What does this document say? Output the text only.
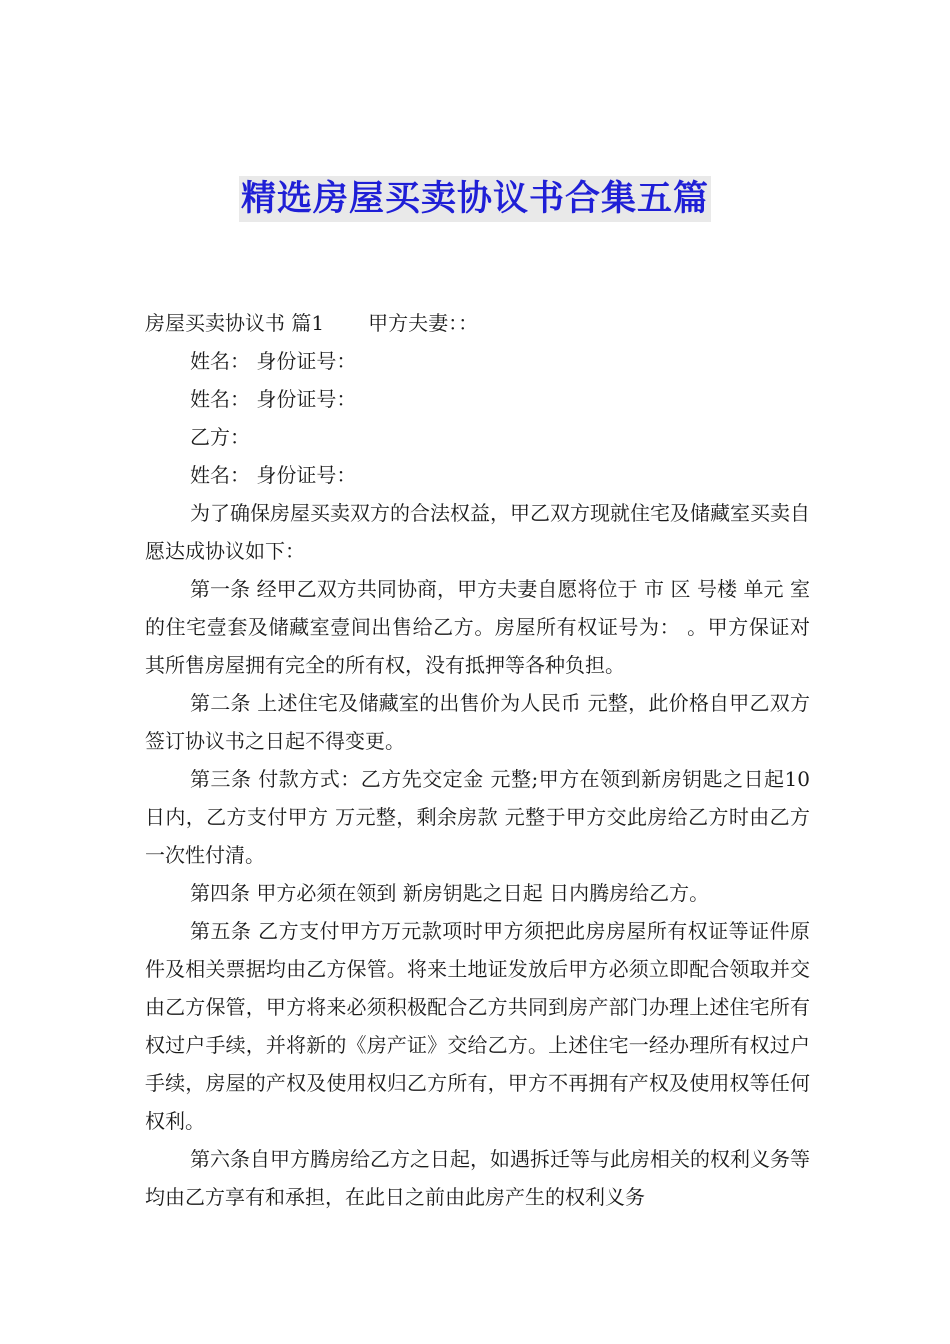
精选房屋买卖协议书合集五篇

房屋买卖协议书 篇1 甲方夫妻：：

姓名： 身份证号：

姓名： 身份证号：

乙方：

姓名： 身份证号：

为了确保房屋买卖双方的合法权益，甲乙双方现就住宅及储藏室买卖自愿达成协议如下：

第一条 经甲乙双方共同协商，甲方夫妻自愿将位于 市 区 号楼 单元 室的住宅壹套及储藏室壹间出售给乙方。房屋所有权证号为： 。甲方保证对其所售房屋拥有完全的所有权，没有抵押等各种负担。

第二条 上述住宅及储藏室的出售价为人民币 元整，此价格自甲乙双方签订协议书之日起不得变更。

第三条 付款方式：乙方先交定金 元整;甲方在领到新房钥匙之日起10日内，乙方支付甲方 万元整，剩余房款 元整于甲方交此房给乙方时由乙方一次性付清。

第四条 甲方必须在领到 新房钥匙之日起 日内腾房给乙方。

第五条 乙方支付甲方万元款项时甲方须把此房房屋所有权证等证件原件及相关票据均由乙方保管。将来土地证发放后甲方必须立即配合领取并交由乙方保管，甲方将来必须积极配合乙方共同到房产部门办理上述住宅所有权过户手续，并将新的《房产证》交给乙方。上述住宅一经办理所有权过户手续，房屋的产权及使用权归乙方所有，甲方不再拥有产权及使用权等任何权利。

第六条自甲方腾房给乙方之日起，如遇拆迁等与此房相关的权利义务等均由乙方享有和承担，在此日之前由此房产生的权利义务
